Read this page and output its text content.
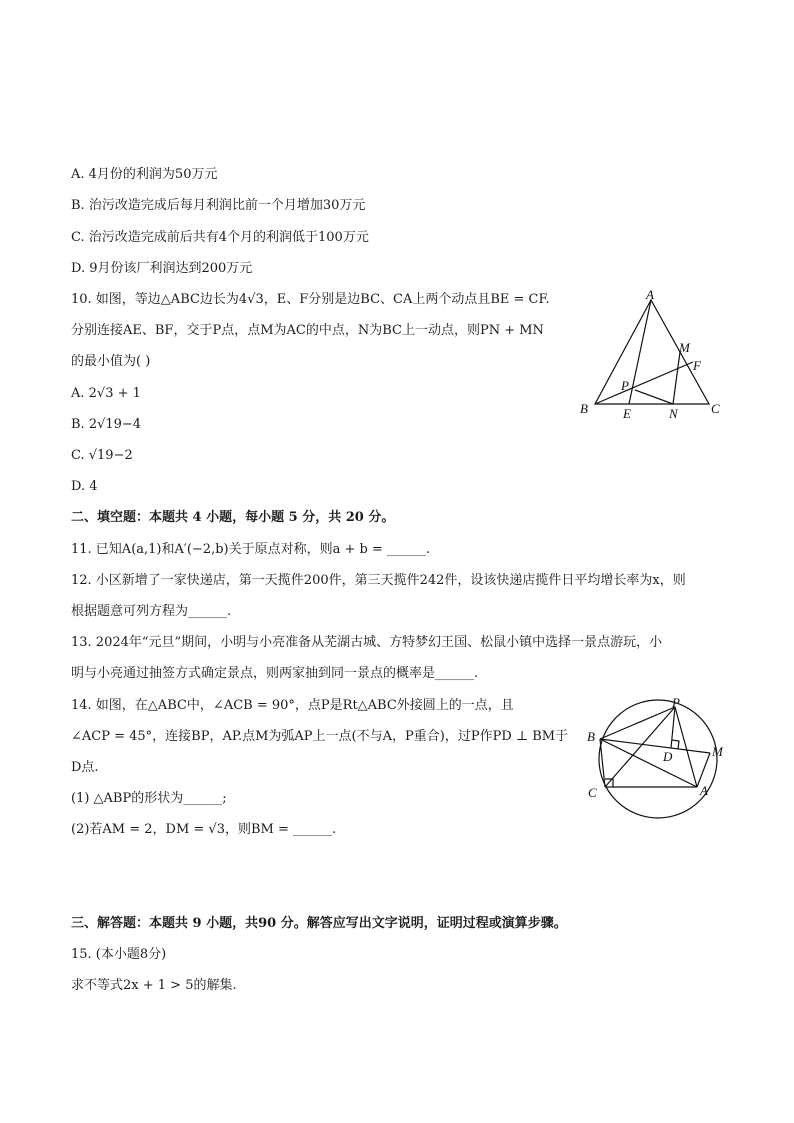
A. 4月份的利润为50万元
B. 治污改造完成后每月利润比前一个月增加30万元
C. 治污改造完成前后共有4个月的利润低于100万元
D. 9月份该厂利润达到200万元
10. 如图，等边△ABC边长为4√3，E、F分别是边BC、CA上两个动点且BE = CF.
分别连接AE、BF，交于P点，点M为AC的中点，N为BC上一动点，则PN + MN
的最小值为( )
A. 2√3 + 1
B. 2√19−4
C. √19−2
D. 4
A
B	C
E	N
P
M
F
二、填空题：本题共 4 小题，每小题 5 分，共 20 分。
11. 已知A(a,1)和A′(−2,b)关于原点对称，则a + b = ______.
12. 小区新增了一家快递店，第一天揽件200件，第三天揽件242件，设该快递店揽件日平均增长率为x，则
根据题意可列方程为______.
13. 2024年“元旦”期间，小明与小亮准备从芜湖古城、方特梦幻王国、松鼠小镇中选择一景点游玩，小
明与小亮通过抽签方式确定景点，则两家抽到同一景点的概率是______.
14. 如图，在△ABC中，∠ACB = 90°，点P是Rt△ABC外接圆上的一点，且
∠ACP = 45°，连接BP，AP.点M为弧AP上一点(不与A，P重合)，过P作PD ⊥ BM于
D点.
(1) △ABP的形状为______;
(2)若AM = 2，DM = √3，则BM = ______.
P
B
M
D
C	A
三、解答题：本题共 9 小题，共90 分。解答应写出文字说明，证明过程或演算步骤。
15. (本小题8分)
求不等式2x + 1 > 5的解集.
